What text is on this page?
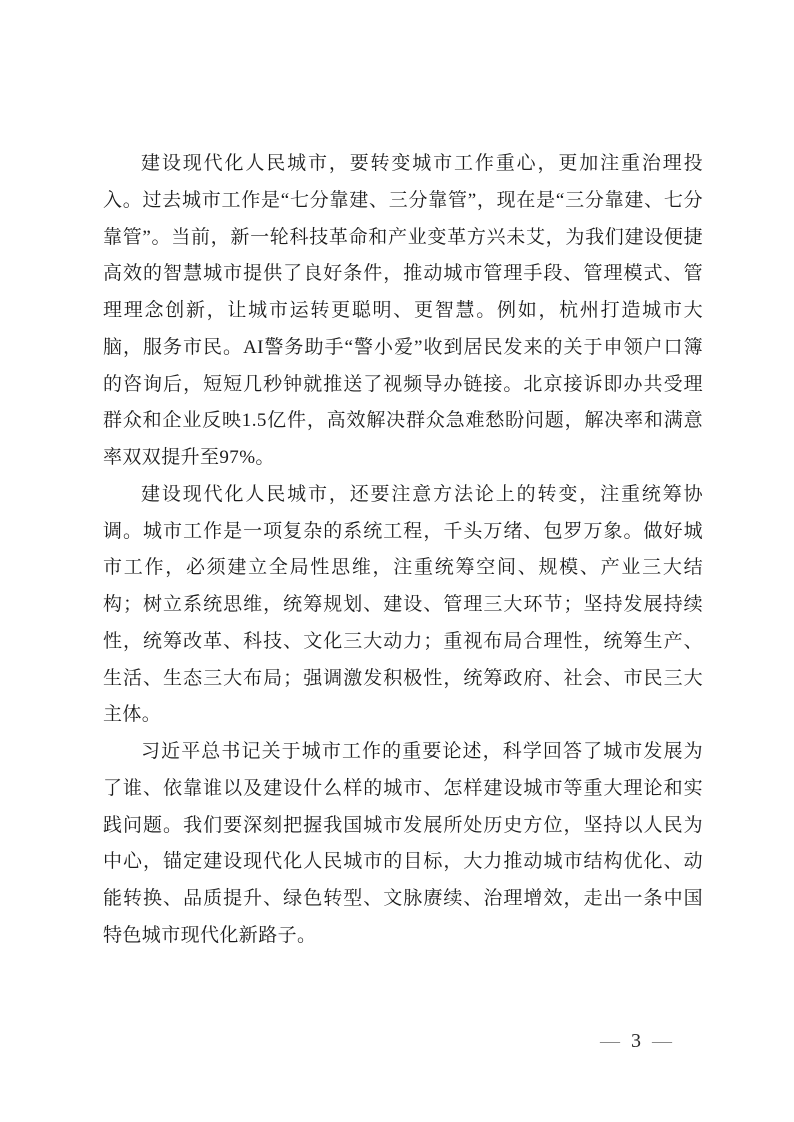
建设现代化人民城市，要转变城市工作重心，更加注重治理投入。过去城市工作是“七分靠建、三分靠管”，现在是“三分靠建、七分靠管”。当前，新一轮科技革命和产业变革方兴未艾，为我们建设便捷高效的智慧城市提供了良好条件，推动城市管理手段、管理模式、管理理念创新，让城市运转更聪明、更智慧。例如，杭州打造城市大脑，服务市民。AI警务助手“警小爱”收到居民发来的关于申领户口簿的咨询后，短短几秒钟就推送了视频导办链接。北京接诉即办共受理群众和企业反映1.5亿件，高效解决群众急难愁盼问题，解决率和满意率双双提升至97%。

建设现代化人民城市，还要注意方法论上的转变，注重统筹协调。城市工作是一项复杂的系统工程，千头万绪、包罗万象。做好城市工作，必须建立全局性思维，注重统筹空间、规模、产业三大结构；树立系统思维，统筹规划、建设、管理三大环节；坚持发展持续性，统筹改革、科技、文化三大动力；重视布局合理性，统筹生产、生活、生态三大布局；强调激发积极性，统筹政府、社会、市民三大主体。

习近平总书记关于城市工作的重要论述，科学回答了城市发展为了谁、依靠谁以及建设什么样的城市、怎样建设城市等重大理论和实践问题。我们要深刻把握我国城市发展所处历史方位，坚持以人民为中心，锚定建设现代化人民城市的目标，大力推动城市结构优化、动能转换、品质提升、绿色转型、文脉赓续、治理增效，走出一条中国特色城市现代化新路子。

— 3 —
